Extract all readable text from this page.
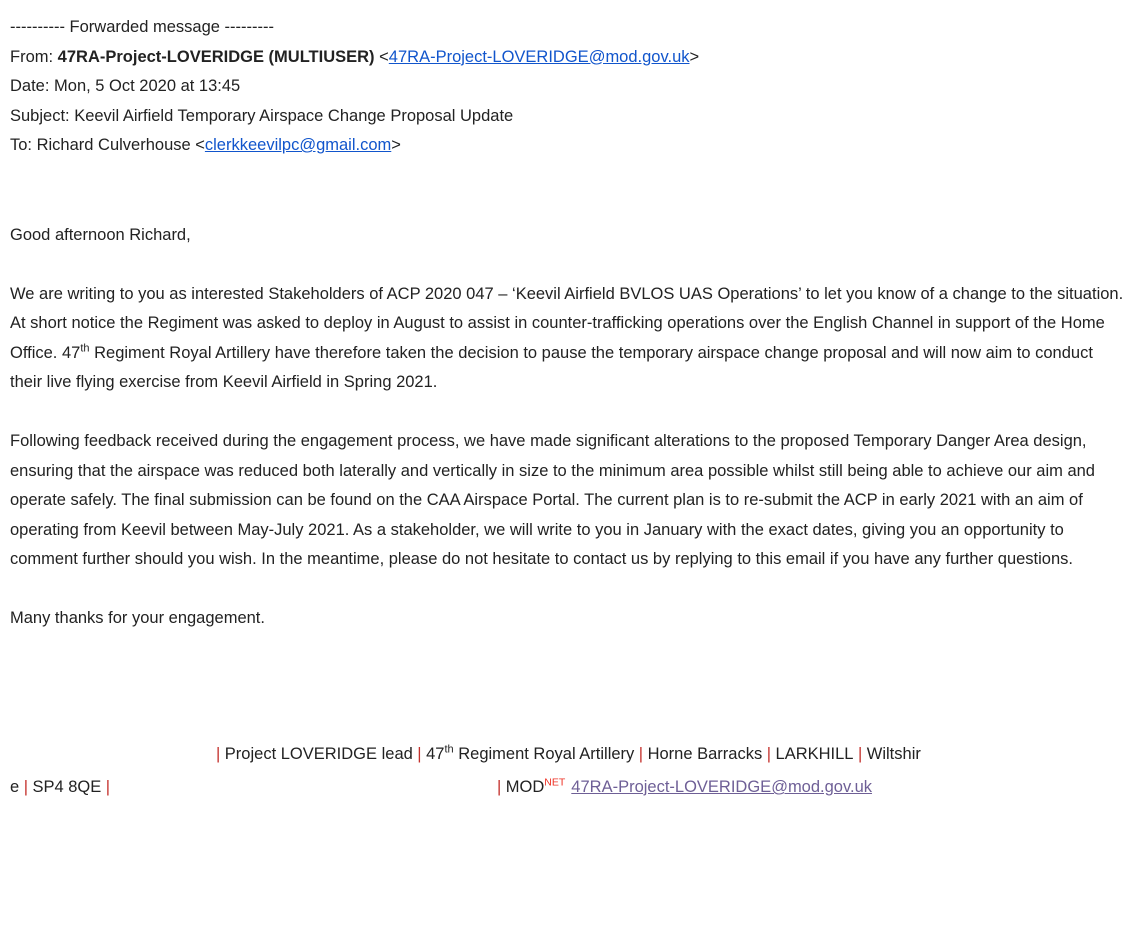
---------- Forwarded message ---------
From: 47RA-Project-LOVERIDGE (MULTIUSER) <47RA-Project-LOVERIDGE@mod.gov.uk>
Date: Mon, 5 Oct 2020 at 13:45
Subject: Keevil Airfield Temporary Airspace Change Proposal Update
To: Richard Culverhouse <clerkkeevilpc@gmail.com>
Good afternoon Richard,

We are writing to you as interested Stakeholders of ACP 2020 047 – ‘Keevil Airfield BVLOS UAS Operations’ to let you know of a change to the situation. At short notice the Regiment was asked to deploy in August to assist in counter-trafficking operations over the English Channel in support of the Home Office. 47th Regiment Royal Artillery have therefore taken the decision to pause the temporary airspace change proposal and will now aim to conduct their live flying exercise from Keevil Airfield in Spring 2021.

Following feedback received during the engagement process, we have made significant alterations to the proposed Temporary Danger Area design, ensuring that the airspace was reduced both laterally and vertically in size to the minimum area possible whilst still being able to achieve our aim and operate safely. The final submission can be found on the CAA Airspace Portal. The current plan is to re-submit the ACP in early 2021 with an aim of operating from Keevil between May-July 2021. As a stakeholder, we will write to you in January with the exact dates, giving you an opportunity to comment further should you wish. In the meantime, please do not hesitate to contact us by replying to this email if you have any further questions.

Many thanks for your engagement.

| Project LOVERIDGE lead | 47th Regiment Royal Artillery | Horne Barracks | LARKHILL | Wiltshir
e | SP4 8QE |	| $MOD^{NET}$ 47RA-Project-LOVERIDGE@mod.gov.uk
